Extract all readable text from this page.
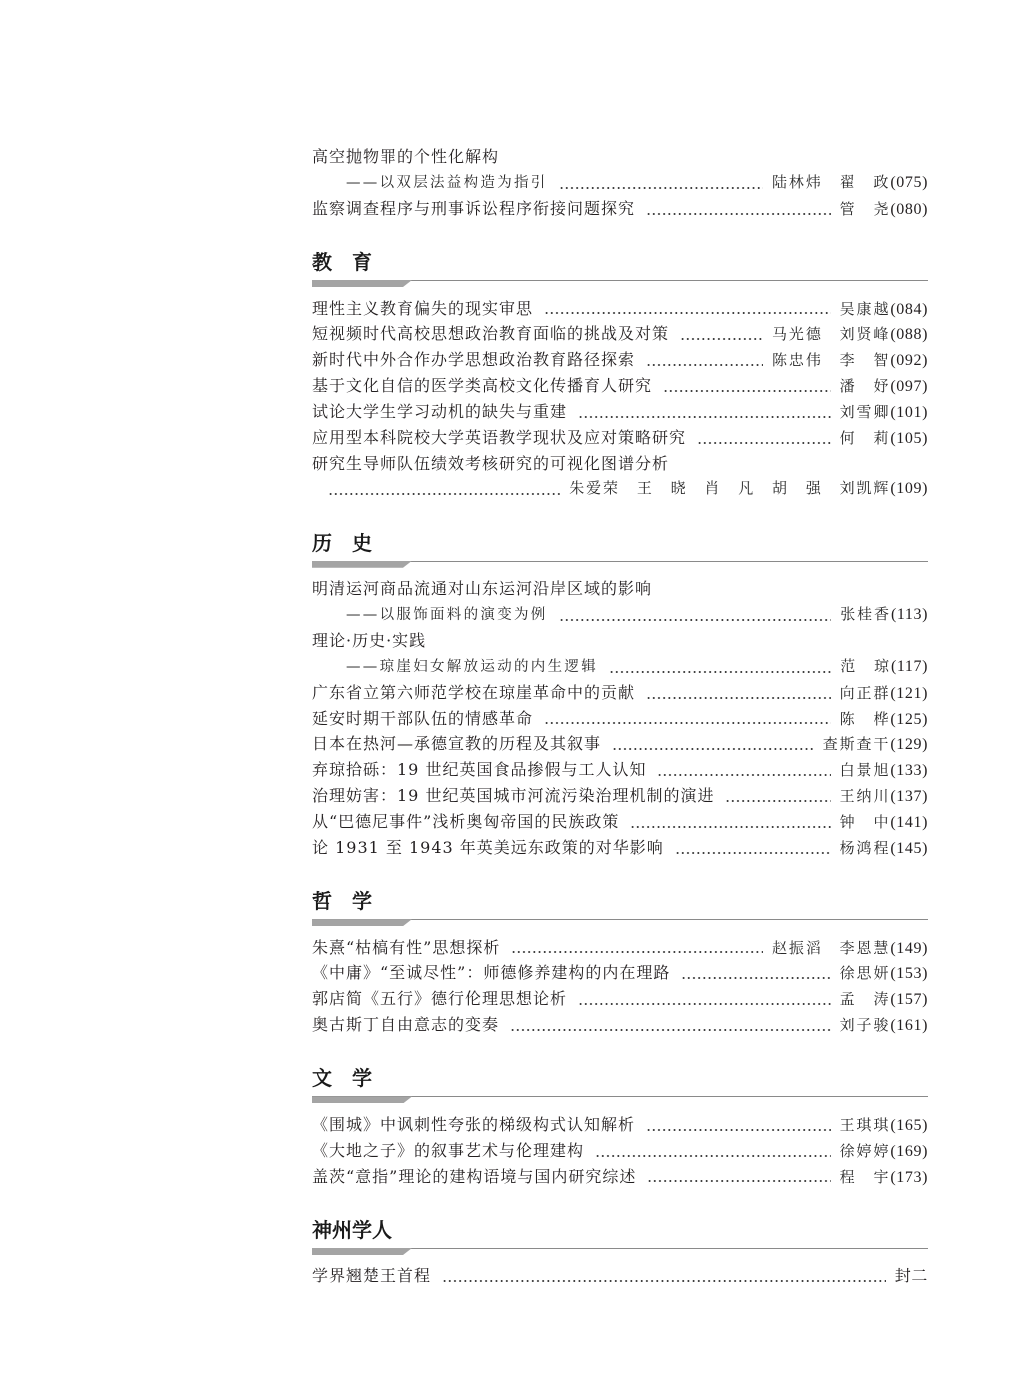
高空抛物罪的个性化解构
——以双层法益构造为指引	陆林炜　翟　政 (075)
监察调查程序与刑事诉讼程序衔接问题探究	管　尧 (080)
教　育
理性主义教育偏失的现实审思	吴康越 (084)
短视频时代高校思想政治教育面临的挑战及对策	马光德　刘贤峰 (088)
新时代中外合作办学思想政治教育路径探索	陈忠伟　李　智 (092)
基于文化自信的医学类高校文化传播育人研究	潘　妤 (097)
试论大学生学习动机的缺失与重建	刘雪卿 (101)
应用型本科院校大学英语教学现状及应对策略研究	何　莉 (105)
研究生导师队伍绩效考核研究的可视化图谱分析
朱爱荣　王　晓　肖　凡　胡　强　刘凯辉 (109)
历　史
明清运河商品流通对山东运河沿岸区域的影响
——以服饰面料的演变为例	张桂香 (113)
理论·历史·实践
——琼崖妇女解放运动的内生逻辑	范　琼 (117)
广东省立第六师范学校在琼崖革命中的贡献	向正群 (121)
延安时期干部队伍的情感革命	陈　桦 (125)
日本在热河—承德宣教的历程及其叙事	查斯查干 (129)
弃琼拾砾：19 世纪英国食品掺假与工人认知	白景旭 (133)
治理妨害：19 世纪英国城市河流污染治理机制的演进	王纳川 (137)
从“巴德尼事件”浅析奥匈帝国的民族政策	钟　中 (141)
论 1931 至 1943 年英美远东政策的对华影响	杨鸿程 (145)
哲　学
朱熹“枯槁有性”思想探析	赵振滔　李恩慧 (149)
《中庸》“至诚尽性”：师德修养建构的内在理路	徐思妍 (153)
郭店简《五行》德行伦理思想论析	孟　涛 (157)
奥古斯丁自由意志的变奏	刘子骏 (161)
文　学
《围城》中讽刺性夸张的梯级构式认知解析	王琪琪 (165)
《大地之子》的叙事艺术与伦理建构	徐婷婷 (169)
盖茨“意指”理论的建构语境与国内研究综述	程　宇 (173)
神州学人
学界翘楚王首程	封二
